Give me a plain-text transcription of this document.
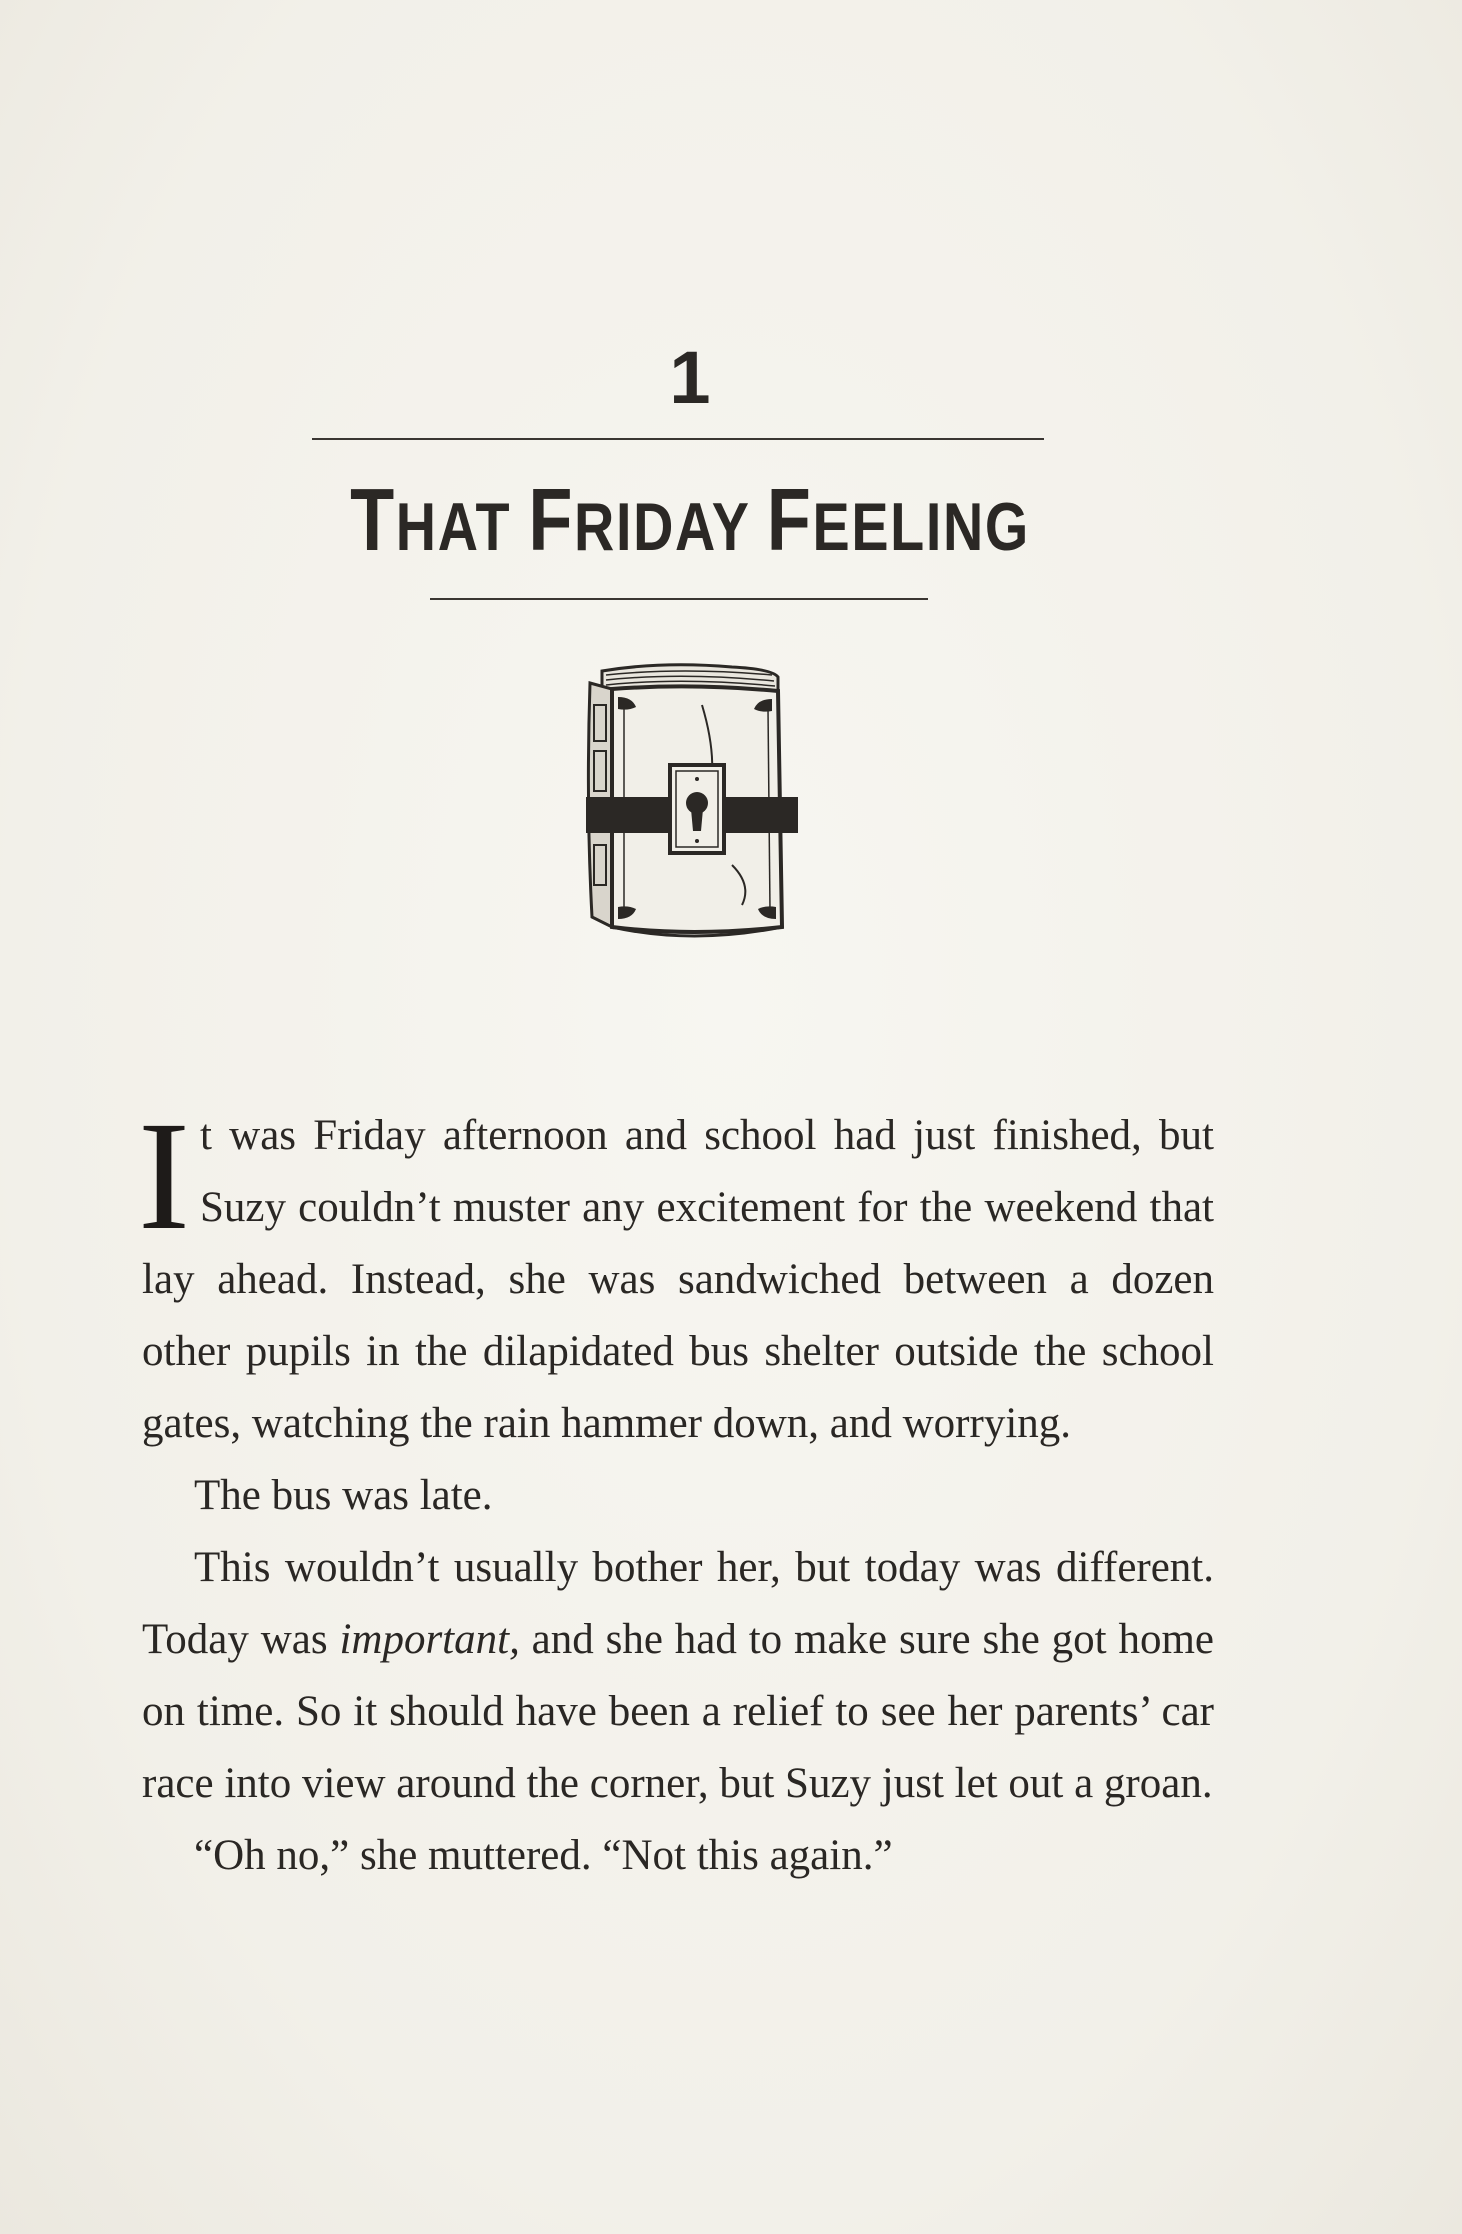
1
THAT FRIDAY FEELING

It was Friday afternoon and school had just finished, but Suzy couldn’t muster any excitement for the weekend that lay ahead. Instead, she was sandwiched between a dozen other pupils in the dilapidated bus shelter outside the school gates, watching the rain hammer down, and worrying.

The bus was late.

This wouldn’t usually bother her, but today was different. Today was important, and she had to make sure she got home on time. So it should have been a relief to see her parents’ car race into view around the corner, but Suzy just let out a groan.

“Oh no,” she muttered. “Not this again.”
